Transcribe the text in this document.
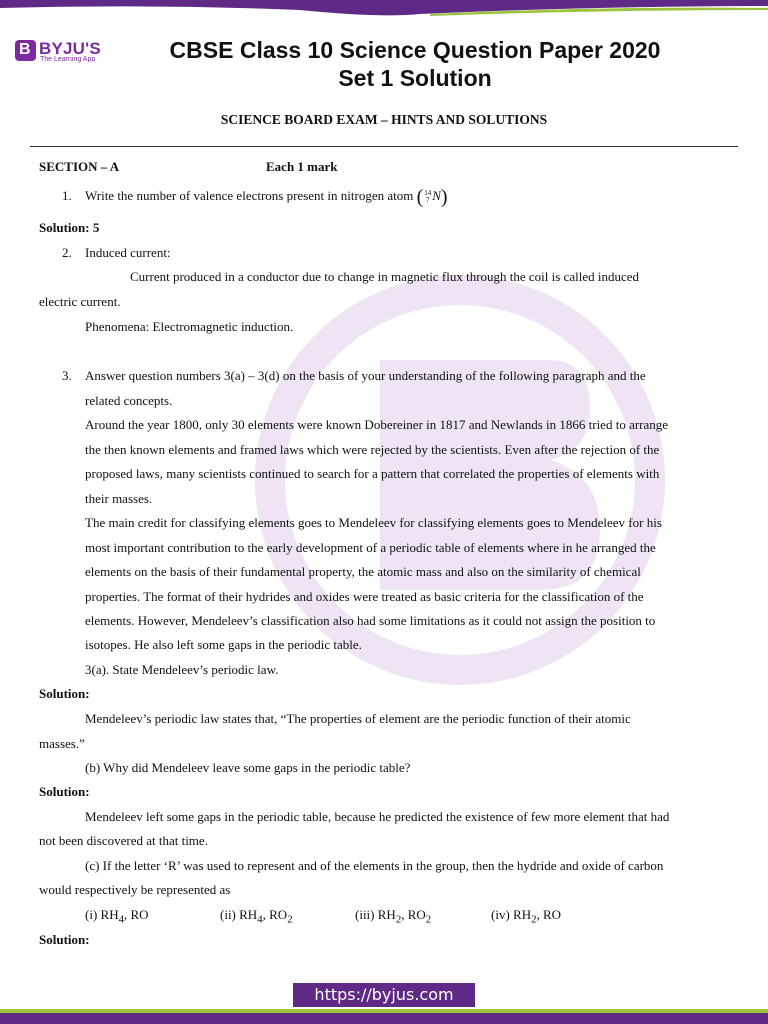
B BYJU'S
The Learning App	CBSE Class 10 Science Question Paper 2020
Set 1 Solution
SCIENCE BOARD EXAM – HINTS AND SOLUTIONS
SECTION – A	Each 1 mark
1. Write the number of valence electrons present in nitrogen atom ( 14
7 N)
Solution: 5
2. Induced current:
Current produced in a conductor due to change in magnetic flux through the coil is called induced
electric current.
Phenomena: Electromagnetic induction.
3. Answer question numbers 3(a) – 3(d) on the basis of your understanding of the following paragraph and the
related concepts.
Around the year 1800, only 30 elements were known Dobereiner in 1817 and Newlands in 1866 tried to arrange
the then known elements and framed laws which were rejected by the scientists. Even after the rejection of the
proposed laws, many scientists continued to search for a pattern that correlated the properties of elements with
their masses.
The main credit for classifying elements goes to Mendeleev for classifying elements goes to Mendeleev for his
most important contribution to the early development of a periodic table of elements where in he arranged the
elements on the basis of their fundamental property, the atomic mass and also on the similarity of chemical
properties. The format of their hydrides and oxides were treated as basic criteria for the classification of the
elements. However, Mendeleev’s classification also had some limitations as it could not assign the position to
isotopes. He also left some gaps in the periodic table.
3(a). State Mendeleev’s periodic law.
Solution:
Mendeleev’s periodic law states that, “The properties of element are the periodic function of their atomic
masses.”
(b) Why did Mendeleev leave some gaps in the periodic table?
Solution:
Mendeleev left some gaps in the periodic table, because he predicted the existence of few more element that had
not been discovered at that time.
(c) If the letter ‘R’ was used to represent and of the elements in the group, then the hydride and oxide of carbon
would respectively be represented as
(i) $RH_4$, RO	(ii) $RH_4$, $RO_2$	(iii) $RH_2$, $RO_2$	(iv) $RH_2$, RO
Solution:
https://byjus.com
